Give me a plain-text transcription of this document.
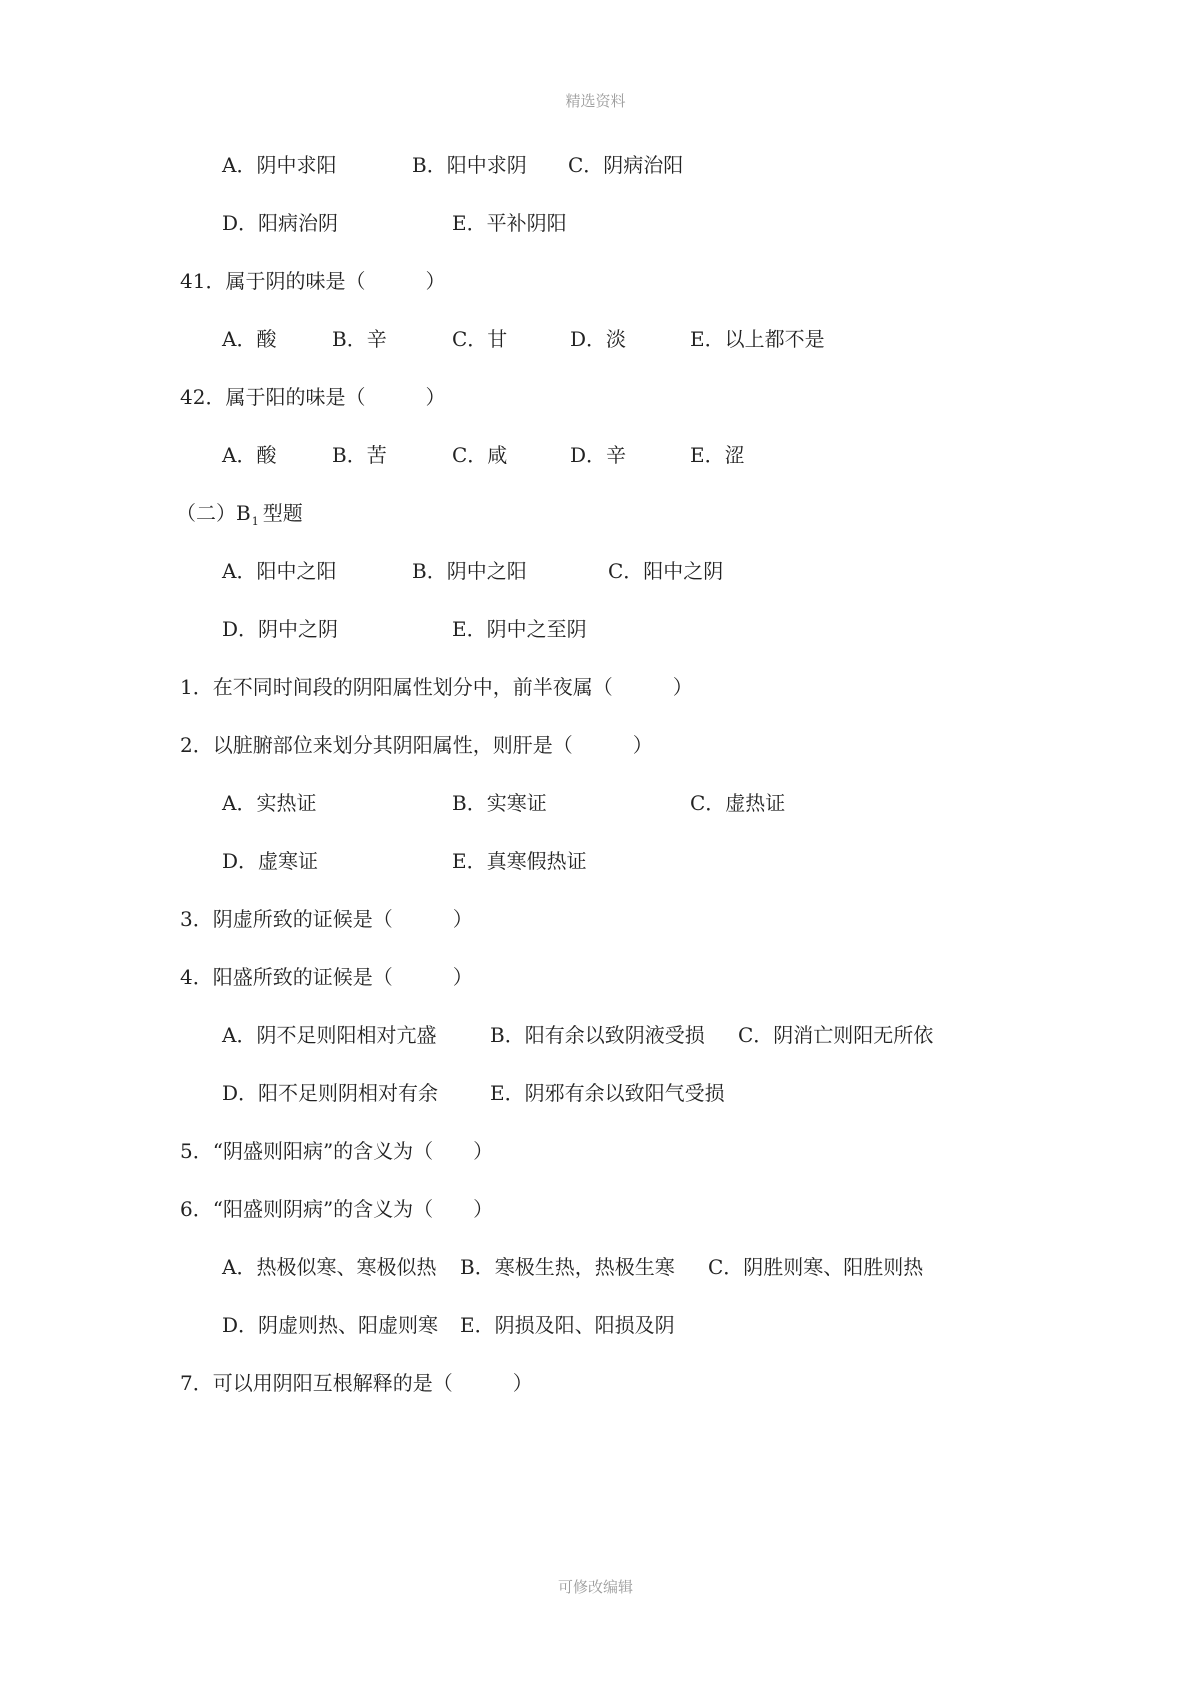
精选资料
A．阴中求阳	B．阳中求阴 C．阴病治阳
D．阳病治阴	E．平补阴阳
41．属于阴的味是（　　　）
A．酸	B．辛	C．甘	D．淡	E．以上都不是
42．属于阳的味是（　　　）
A．酸	B．苦	C．咸	D．辛	E．涩
（二）$B_1$ 型题
A．阳中之阳	B．阴中之阳	C．阳中之阴
D．阴中之阴	E．阴中之至阴
1．在不同时间段的阴阳属性划分中，前半夜属（　　　）
2．以脏腑部位来划分其阴阳属性，则肝是（　　　）
A．实热证	B．实寒证	C．虚热证
D．虚寒证	E．真寒假热证
3．阴虚所致的证候是（　　　）
4．阳盛所致的证候是（　　　）
A．阴不足则阳相对亢盛	B．阳有余以致阴液受损 C．阴消亡则阳无所依
D．阳不足则阴相对有余	E．阴邪有余以致阳气受损
5．“阴盛则阳病”的含义为（　　）
6．“阳盛则阴病”的含义为（　　）
A．热极似寒、寒极似热 B．寒极生热，热极生寒 C．阴胜则寒、阳胜则热
D．阴虚则热、阳虚则寒 E．阴损及阳、阳损及阴
7．可以用阴阳互根解释的是（　　　）
可修改编辑
